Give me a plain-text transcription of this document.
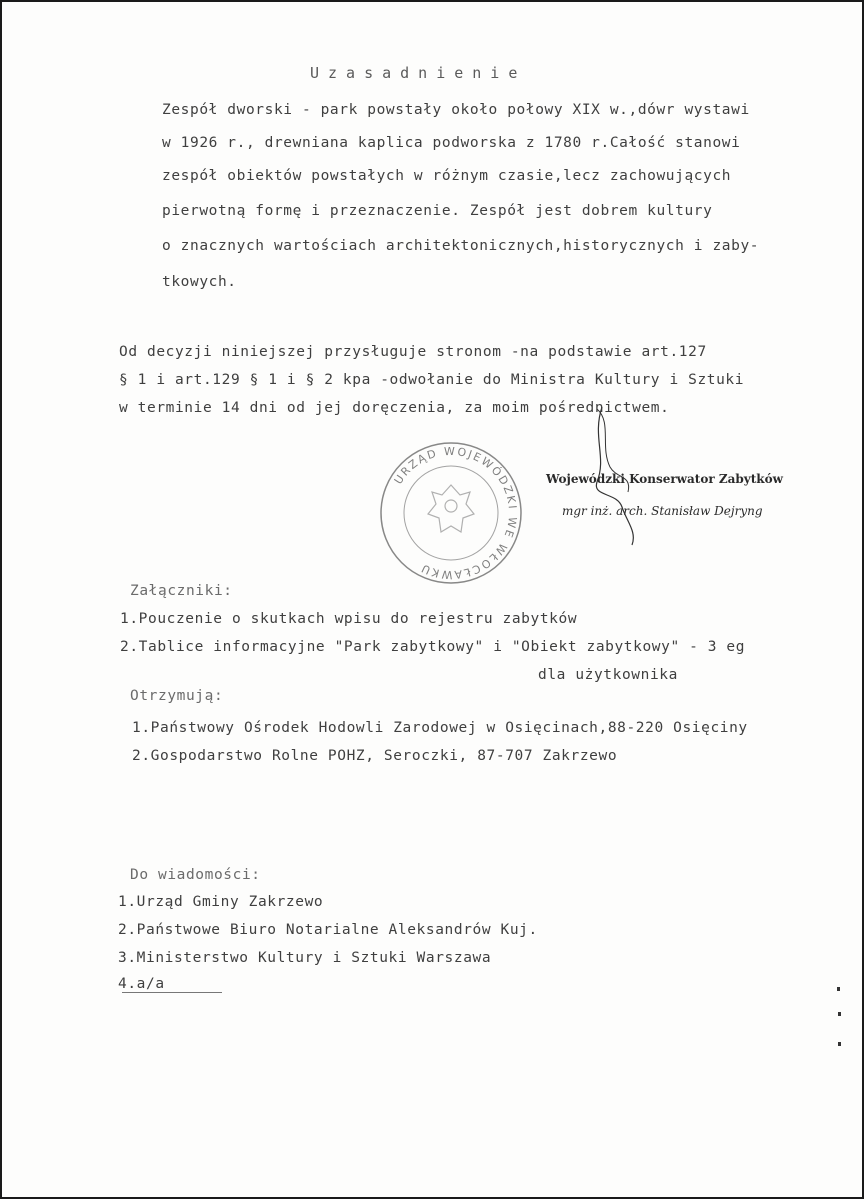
Uzasadnienie
Zespół dworski - park powstały około połowy XIX w.,dówr wystawi
w 1926 r., drewniana kaplica podworska z 1780 r.Całość stanowi
zespół obiektów powstałych w różnym czasie,lecz zachowujących
pierwotną formę i przeznaczenie. Zespół jest dobrem kultury
o znacznych wartościach architektonicznych,historycznych i zaby-
tkowych.
Od decyzji niniejszej przysługuje stronom -na podstawie art.127
§ 1 i art.129 § 1 i § 2 kpa -odwołanie do Ministra Kultury i Sztuki
w terminie 14 dni od jej doręczenia, za moim pośrednictwem.
URZĄD WOJEWÓDZKI WE WŁOCŁAWKU
Wojewódzki Konserwator Zabytków
mgr inż. arch. Stanisław Dejryng
Załączniki:
1.Pouczenie o skutkach wpisu do rejestru zabytków
2.Tablice informacyjne "Park zabytkowy" i "Obiekt zabytkowy" - 3 eg
dla użytkownika
Otrzymują:
1.Państwowy Ośrodek Hodowli Zarodowej w Osięcinach,88-220 Osięciny
2.Gospodarstwo Rolne POHZ, Seroczki, 87-707 Zakrzewo
Do wiadomości:
1.Urząd Gminy Zakrzewo
2.Państwowe Biuro Notarialne Aleksandrów Kuj.
3.Ministerstwo Kultury i Sztuki Warszawa
4.a/a
